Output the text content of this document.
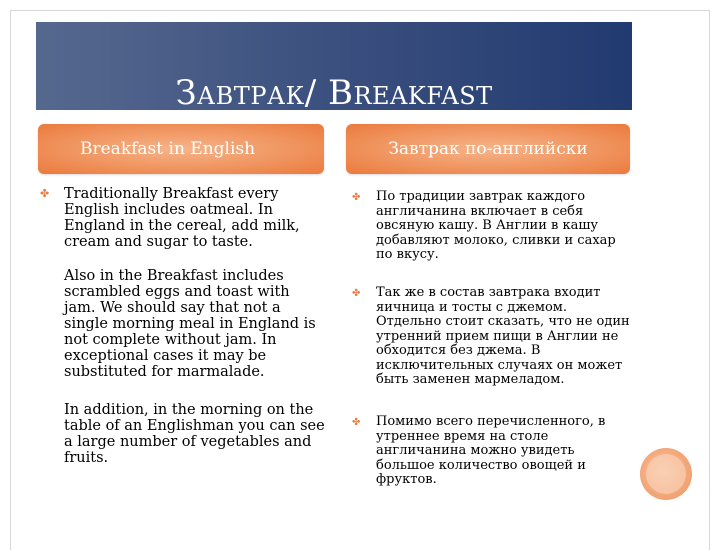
Завтрак/ Breakfast
Breakfast in English	Завтрак по-английски
✤ Traditionally Breakfast every English includes oatmeal. In England in the cereal, add milk, cream and sugar to taste.

Also in the Breakfast includes scrambled eggs and toast with jam. We should say that not a single morning meal in England is not complete without jam. In exceptional cases it may be substituted for marmalade.

In addition, in the morning on the table of an Englishman you can see a large number of vegetables and fruits.

✤ По традиции завтрак каждого англичанина включает в себя овсяную кашу. В Англии в кашу добавляют молоко, сливки и сахар по вкусу.

✤ Так же в состав завтрака входит яичница и тосты с джемом. Отдельно стоит сказать, что не один утренний прием пищи в Англии не обходится без джема. В исключительных случаях он может быть заменен мармеладом.

✤ Помимо всего перечисленного, в утреннее время на столе англичанина можно увидеть большое количество овощей и фруктов.
